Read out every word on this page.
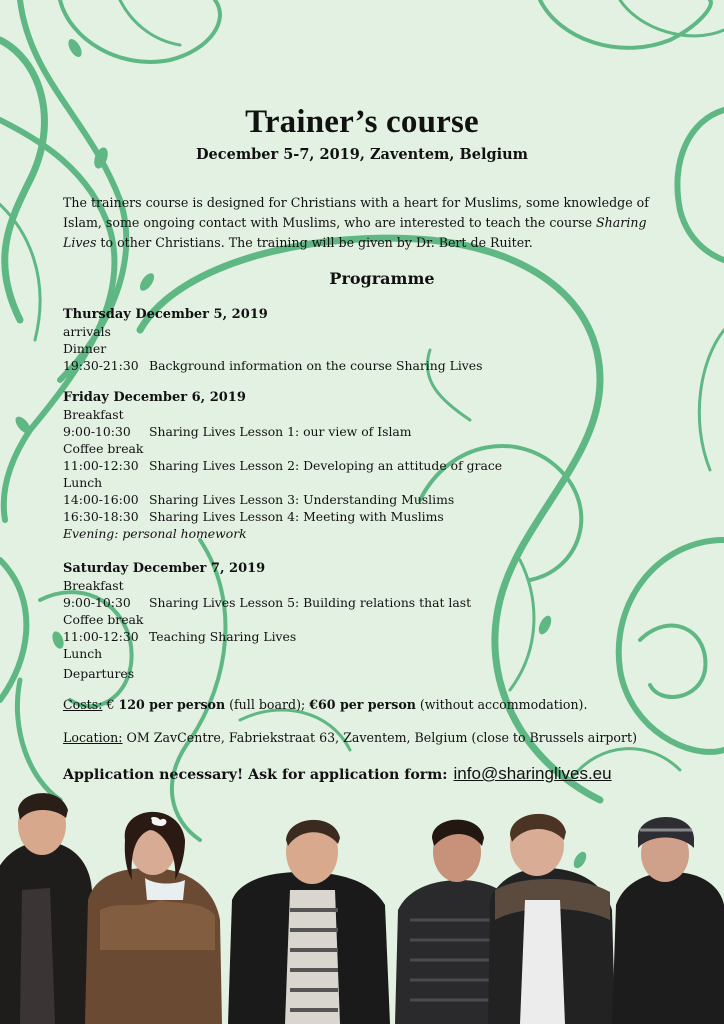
Trainer’s course
December 5-7, 2019, Zaventem, Belgium
The trainers course is designed for Christians with a heart for Muslims, some knowledge of Islam, some ongoing contact with Muslims, who are interested to teach the course Sharing Lives to other Christians. The training will be given by Dr. Bert de Ruiter.
Programme
Thursday December 5, 2019
arrivals
Dinner
19:30-21:30 Background information on the course Sharing Lives
Friday December 6, 2019
Breakfast
9:00-10:30 Sharing Lives Lesson 1: our view of Islam
Coffee break
11:00-12:30 Sharing Lives Lesson 2: Developing an attitude of grace
Lunch
14:00-16:00 Sharing Lives Lesson 3: Understanding Muslims
16:30-18:30 Sharing Lives Lesson 4: Meeting with Muslims
Evening: personal homework
Saturday December 7, 2019
Breakfast
9:00-10:30 Sharing Lives Lesson 5: Building relations that last
Coffee break
11:00-12:30 Teaching Sharing Lives
Lunch
Departures
Costs: € 120 per person (full board); €60 per person (without accommodation).
Location: OM ZavCentre, Fabriekstraat 63, Zaventem, Belgium (close to Brussels airport)
Application necessary! Ask for application form: info@sharinglives.eu
